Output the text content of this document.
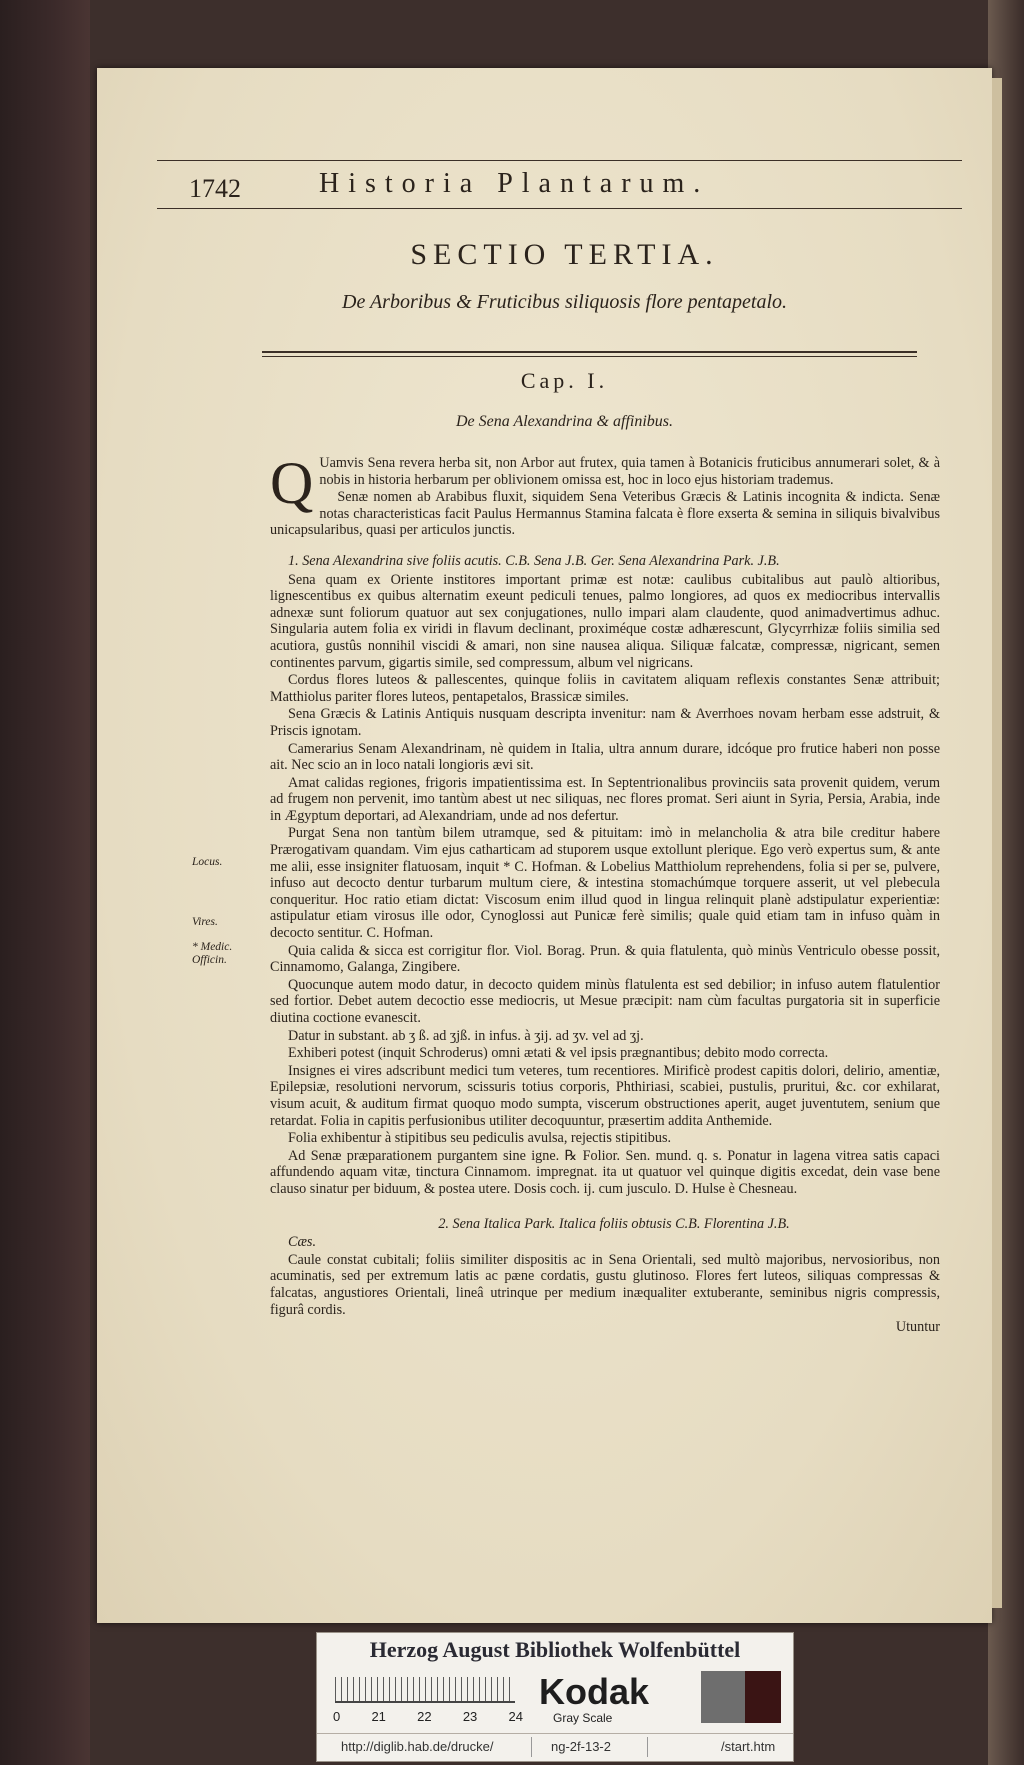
1742	Historia Plantarum.
SECTIO TERTIA.
De Arboribus & Fruticibus siliquosis flore pentapetalo.
Cap. I.
De Sena Alexandrina & affinibus.
Locus.
Vires.
* Medic. Officin.

Q Uamvis Sena revera herba sit, non Arbor aut frutex, quia tamen à Botanicis fruticibus annumerari solet, & à nobis in historia herbarum per oblivionem omissa est, hoc in loco ejus historiam trademus.

Senæ nomen ab Arabibus fluxit, siquidem Sena Veteribus Græcis & Latinis incognita & indicta. Senæ notas characteristicas facit Paulus Hermannus Stamina falcata è flore exserta & semina in siliquis bivalvibus unicapsularibus, quasi per articulos junctis.

1. Sena Alexandrina sive foliis acutis. C.B. Sena J.B. Ger. Sena Alexandrina Park. J.B.

Sena quam ex Oriente institores important primæ est notæ: caulibus cubitalibus aut paulò altioribus, lignescentibus ex quibus alternatim exeunt pediculi tenues, palmo longiores, ad quos ex mediocribus intervallis adnexæ sunt foliorum quatuor aut sex conjugationes, nullo impari alam claudente, quod animadvertimus adhuc. Singularia autem folia ex viridi in flavum declinant, proximéque costæ adhærescunt, Glycyrrhizæ foliis similia sed acutiora, gustûs nonnihil viscidi & amari, non sine nausea aliqua. Siliquæ falcatæ, compressæ, nigricant, semen continentes parvum, gigartis simile, sed compressum, album vel nigricans.

Cordus flores luteos & pallescentes, quinque foliis in cavitatem aliquam reflexis constantes Senæ attribuit; Matthiolus pariter flores luteos, pentapetalos, Brassicæ similes.

Sena Græcis & Latinis Antiquis nusquam descripta invenitur: nam & Averrhoes novam herbam esse adstruit, & Priscis ignotam.

Camerarius Senam Alexandrinam, nè quidem in Italia, ultra annum durare, idcóque pro frutice haberi non posse ait. Nec scio an in loco natali longioris ævi sit.

Amat calidas regiones, frigoris impatientissima est. In Septentrionalibus provinciis sata provenit quidem, verum ad frugem non pervenit, imo tantùm abest ut nec siliquas, nec flores promat. Seri aiunt in Syria, Persia, Arabia, inde in Ægyptum deportari, ad Alexandriam, unde ad nos defertur.

Purgat Sena non tantùm bilem utramque, sed & pituitam: imò in melancholia & atra bile creditur habere Prærogativam quandam. Vim ejus catharticam ad stuporem usque extollunt plerique. Ego verò expertus sum, & ante me alii, esse insigniter flatuosam, inquit * C. Hofman. & Lobelius Matthiolum reprehendens, folia si per se, pulvere, infuso aut decocto dentur turbarum multum ciere, & intestina stomachúmque torquere asserit, ut vel plebecula conqueritur. Hoc ratio etiam dictat: Viscosum enim illud quod in lingua relinquit planè adstipulatur experientiæ: astipulatur etiam virosus ille odor, Cynoglossi aut Punicæ ferè similis; quale quid etiam tam in infuso quàm in decocto sentitur. C. Hofman.

Quia calida & sicca est corrigitur flor. Viol. Borag. Prun. & quia flatulenta, quò minùs Ventriculo obesse possit, Cinnamomo, Galanga, Zingibere.

Quocunque autem modo datur, in decocto quidem minùs flatulenta est sed debilior; in infuso autem flatulentior sed fortior. Debet autem decoctio esse mediocris, ut Mesue præcipit: nam cùm facultas purgatoria sit in superficie diutina coctione evanescit.

Datur in substant. ab ʒ ß. ad ʒjß. in infus. à ʒij. ad ʒv. vel ad ʒj.

Exhiberi potest (inquit Schroderus) omni ætati & vel ipsis prægnantibus; debito modo correcta.

Insignes ei vires adscribunt medici tum veteres, tum recentiores. Mirificè prodest capitis dolori, delirio, amentiæ, Epilepsiæ, resolutioni nervorum, scissuris totius corporis, Phthiriasi, scabiei, pustulis, pruritui, &c. cor exhilarat, visum acuit, & auditum firmat quoquo modo sumpta, viscerum obstructiones aperit, auget juventutem, senium que retardat. Folia in capitis perfusionibus utiliter decoquuntur, præsertim addita Anthemide.

Folia exhibentur à stipitibus seu pediculis avulsa, rejectis stipitibus.

Ad Senæ præparationem purgantem sine igne. ℞ Folior. Sen. mund. q. s. Ponatur in lagena vitrea satis capaci affundendo aquam vitæ, tinctura Cinnamom. impregnat. ita ut quatuor vel quinque digitis excedat, dein vase bene clauso sinatur per biduum, & postea utere. Dosis coch. ij. cum jusculo. D. Hulse è Chesneau.

2. Sena Italica Park. Italica foliis obtusis C.B. Florentina J.B.

Cæs.

Caule constat cubitali; foliis similiter dispositis ac in Sena Orientali, sed multò majoribus, nervosioribus, non acuminatis, sed per extremum latis ac pæne cordatis, gustu glutinoso. Flores fert luteos, siliquas compressas & falcatas, angustiores Orientali, lineâ utrinque per medium inæqualiter extuberante, seminibus nigris compressis, figurâ cordis.

Utuntur

Herzog August Bibliothek Wolfenbüttel
0 21 22 23 24
Kodak
Gray Scale
http://diglib.hab.de/drucke/	ng-2f-13-2	/start.htm
